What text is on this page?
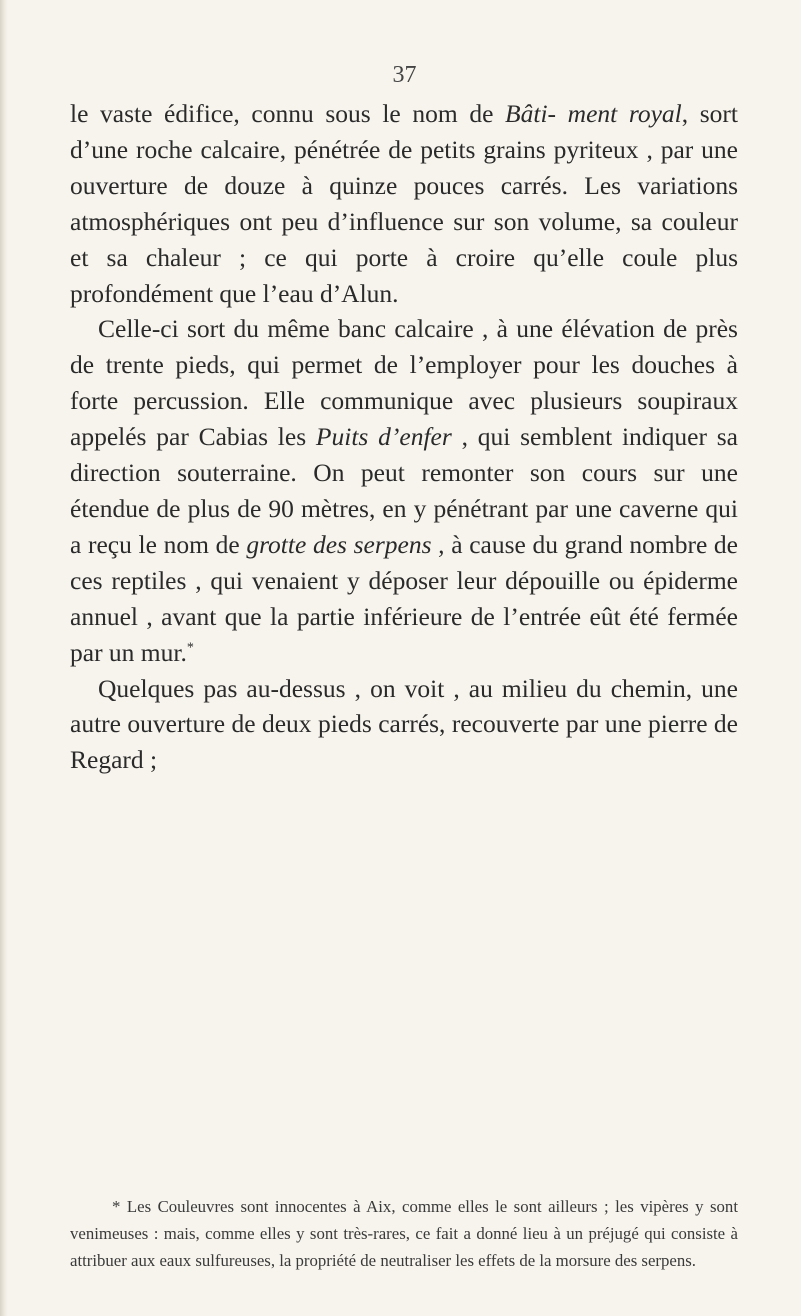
37

le vaste édifice, connu sous le nom de Bâti- ment royal, sort d’une roche calcaire, pénétrée de petits grains pyriteux , par une ouverture de douze à quinze pouces carrés. Les variations atmosphériques ont peu d’influence sur son volume, sa couleur et sa chaleur ; ce qui porte à croire qu’elle coule plus profondément que l’eau d’Alun.

Celle-ci sort du même banc calcaire , à une élévation de près de trente pieds, qui permet de l’employer pour les douches à forte percussion. Elle communique avec plusieurs soupiraux appelés par Cabias les Puits d’enfer , qui semblent indiquer sa direction souterraine. On peut remonter son cours sur une étendue de plus de 90 mètres, en y pénétrant par une caverne qui a reçu le nom de grotte des serpens , à cause du grand nombre de ces reptiles , qui venaient y déposer leur dépouille ou épiderme annuel , avant que la partie inférieure de l’entrée eût été fermée par un mur.*

Quelques pas au-dessus , on voit , au milieu du chemin, une autre ouverture de deux pieds carrés, recouverte par une pierre de Regard ;

* Les Couleuvres sont innocentes à Aix, comme elles le sont ailleurs ; les vipères y sont venimeuses : mais, comme elles y sont très-rares, ce fait a donné lieu à un préjugé qui consiste à attribuer aux eaux sulfureuses, la propriété de neutraliser les effets de la morsure des serpens.
